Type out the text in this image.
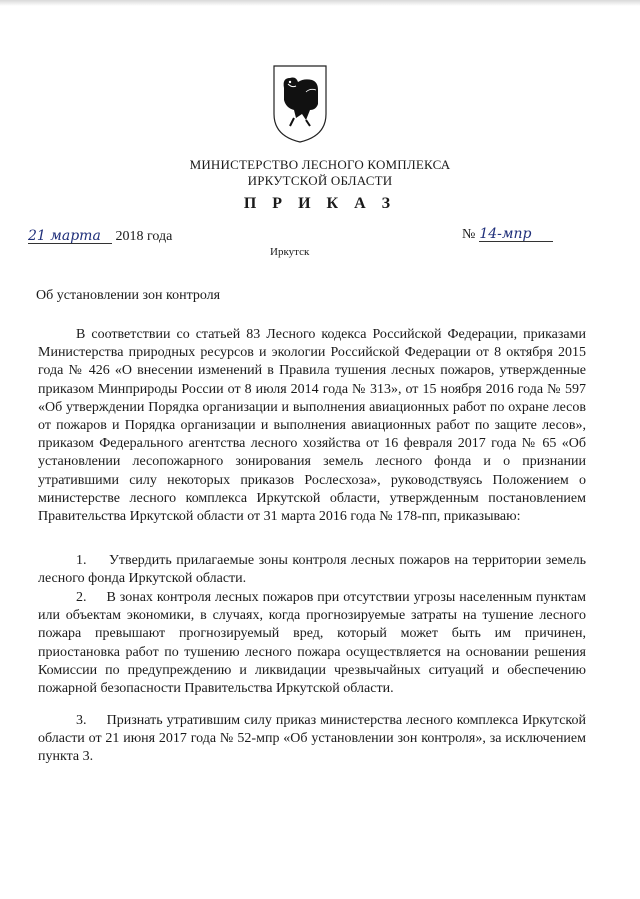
МИНИСТЕРСТВО ЛЕСНОГО КОМПЛЕКСА
ИРКУТСКОЙ ОБЛАСТИ
П Р И К А З
21 марта 2018 года
Иркутск
№ 14-мпр
Об установлении зон контроля
В соответствии со статьей 83 Лесного кодекса Российской Федерации, приказами Министерства природных ресурсов и экологии Российской Федерации от 8 октября 2015 года № 426 «О внесении изменений в Правила тушения лесных пожаров, утвержденные приказом Минприроды России от 8 июля 2014 года № 313», от 15 ноября 2016 года № 597 «Об утверждении Порядка организации и выполнения авиационных работ по охране лесов от пожаров и Порядка организации и выполнения авиационных работ по защите лесов», приказом Федерального агентства лесного хозяйства от 16 февраля 2017 года № 65 «Об установлении лесопожарного зонирования земель лесного фонда и о признании утратившими силу некоторых приказов Рослесхоза», руководствуясь Положением о министерстве лесного комплекса Иркутской области, утвержденным постановлением Правительства Иркутской области от 31 марта 2016 года № 178-пп, приказываю:
1.     Утвердить прилагаемые зоны контроля лесных пожаров на территории земель лесного фонда Иркутской области.
2.     В зонах контроля лесных пожаров при отсутствии угрозы населенным пунктам или объектам экономики, в случаях, когда прогнозируемые затраты на тушение лесного пожара превышают прогнозируемый вред, который может быть им причинен, приостановка работ по тушению лесного пожара осуществляется на основании решения Комиссии по предупреждению и ликвидации чрезвычайных ситуаций и обеспечению пожарной безопасности Правительства Иркутской области.
3.     Признать утратившим силу приказ министерства лесного комплекса Иркутской области от 21 июня 2017 года № 52-мпр «Об установлении зон контроля», за исключением пункта 3.
